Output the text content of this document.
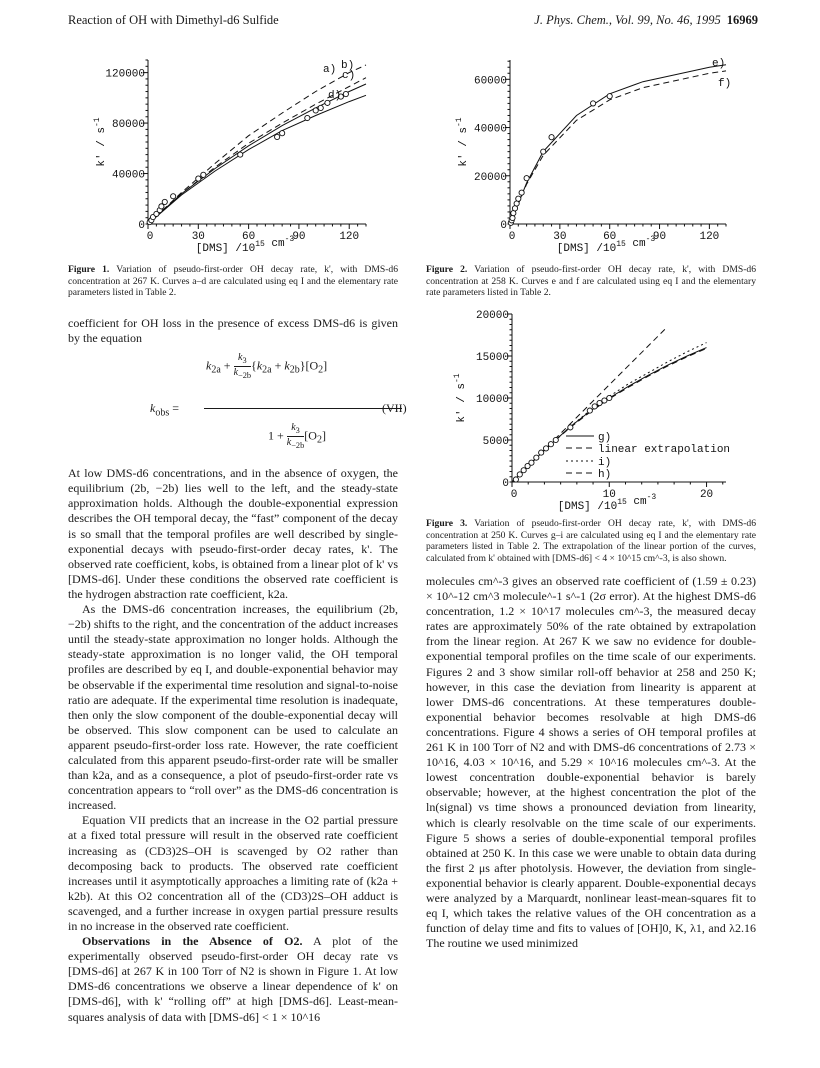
Reaction of OH with Dimethyl-d6 Sulfide	J. Phys. Chem., Vol. 99, No. 46, 1995 16969
0	30	60	90	120
40000
80000
120000
0
[DMS] $/10^{15}$ $cm^{-3}$
k' / $s^{-1}$
a) b)
c)
d)
Figure 1. Variation of pseudo-first-order OH decay rate, k', with DMS-d6 concentration at 267 K. Curves a–d are calculated using eq I and the elementary rate parameters listed in Table 2.
0	30	60	90	120
20000
40000
60000
0
[DMS] $/10^{15}$ $cm^{-3}$
k' / $s^{-1}$
e)
f)
Figure 2. Variation of pseudo-first-order OH decay rate, k', with DMS-d6 concentration at 258 K. Curves e and f are calculated using eq I and the elementary rate parameters listed in Table 2.
0	10	20
5000
10000
15000
20000
0
[DMS] $/10^{15}$ $cm^{-3}$
k' / $s^{-1}$
g)
linear extrapolation
i)
h)
Figure 3. Variation of pseudo-first-order OH decay rate, k', with DMS-d6 concentration at 250 K. Curves g–i are calculated using eq I and the elementary rate parameters listed in Table 2. The extrapolation of the linear portion of the curves, calculated from k' obtained with [DMS-d6] < 4 × 10^15 cm^-3, is also shown.

coefficient for OH loss in the presence of excess DMS-d6 is given by the equation

$k_{obs}$ =
$k_{2a} + \frac{k_3}{k_{-2b}} \{k_{2a} + k_{2b}\}[O_2]$
$1 + \frac{k_3}{k_{-2b}} [O_2]$
(VII)

At low DMS-d6 concentrations, and in the absence of oxygen, the equilibrium (2b, −2b) lies well to the left, and the steady-state approximation holds. Although the double-exponential expression describes the OH temporal decay, the “fast” component of the decay is so small that the temporal profiles are well described by single-exponential decays with pseudo-first-order decay rates, k'. The observed rate coefficient, kobs, is obtained from a linear plot of k' vs [DMS-d6]. Under these conditions the observed rate coefficient is the hydrogen abstraction rate coefficient, k2a.

As the DMS-d6 concentration increases, the equilibrium (2b, −2b) shifts to the right, and the concentration of the adduct increases until the steady-state approximation no longer holds. Although the steady-state approximation is no longer valid, the OH temporal profiles are described by eq I, and double-exponential behavior may be observable if the experimental time resolution and signal-to-noise ratio are adequate. If the experimental time resolution is inadequate, then only the slow component of the double-exponential decay will be observed. This slow component can be used to calculate an apparent pseudo-first-order loss rate. However, the rate coefficient calculated from this apparent pseudo-first-order rate will be smaller than k2a, and as a consequence, a plot of pseudo-first-order rate vs concentration appears to “roll over” as the DMS-d6 concentration is increased.

Equation VII predicts that an increase in the O2 partial pressure at a fixed total pressure will result in the observed rate coefficient increasing as (CD3)2S–OH is scavenged by O2 rather than decomposing back to products. The observed rate coefficient increases until it asymptotically approaches a limiting rate of (k2a + k2b). At this O2 concentration all of the (CD3)2S–OH adduct is scavenged, and a further increase in oxygen partial pressure results in no increase in the observed rate coefficient.

Observations in the Absence of O2. A plot of the experimentally observed pseudo-first-order OH decay rate vs [DMS-d6] at 267 K in 100 Torr of N2 is shown in Figure 1. At low DMS-d6 concentrations we observe a linear dependence of k' on [DMS-d6], with k' “rolling off” at high [DMS-d6]. Least-mean-squares analysis of data with [DMS-d6] < 1 × 10^16

molecules cm^-3 gives an observed rate coefficient of (1.59 ± 0.23) × 10^-12 cm^3 molecule^-1 s^-1 (2σ error). At the highest DMS-d6 concentration, 1.2 × 10^17 molecules cm^-3, the measured decay rates are approximately 50% of the rate obtained by extrapolation from the linear region. At 267 K we saw no evidence for double-exponential temporal profiles on the time scale of our experiments. Figures 2 and 3 show similar roll-off behavior at 258 and 250 K; however, in this case the deviation from linearity is apparent at lower DMS-d6 concentrations. At these temperatures double-exponential behavior becomes resolvable at high DMS-d6 concentrations. Figure 4 shows a series of OH temporal profiles at 261 K in 100 Torr of N2 and with DMS-d6 concentrations of 2.73 × 10^16, 4.03 × 10^16, and 5.29 × 10^16 molecules cm^-3. At the lowest concentration double-exponential behavior is barely observable; however, at the highest concentration the plot of the ln(signal) vs time shows a pronounced deviation from linearity, which is clearly resolvable on the time scale of our experiments. Figure 5 shows a series of double-exponential temporal profiles obtained at 250 K. In this case we were unable to obtain data during the first 2 μs after photolysis. However, the deviation from single-exponential behavior is clearly apparent. Double-exponential decays were analyzed by a Marquardt, nonlinear least-mean-squares fit to eq I, which takes the relative values of the OH concentration as a function of delay time and fits to values of [OH]0, K, λ1, and λ2.16 The routine we used minimized
